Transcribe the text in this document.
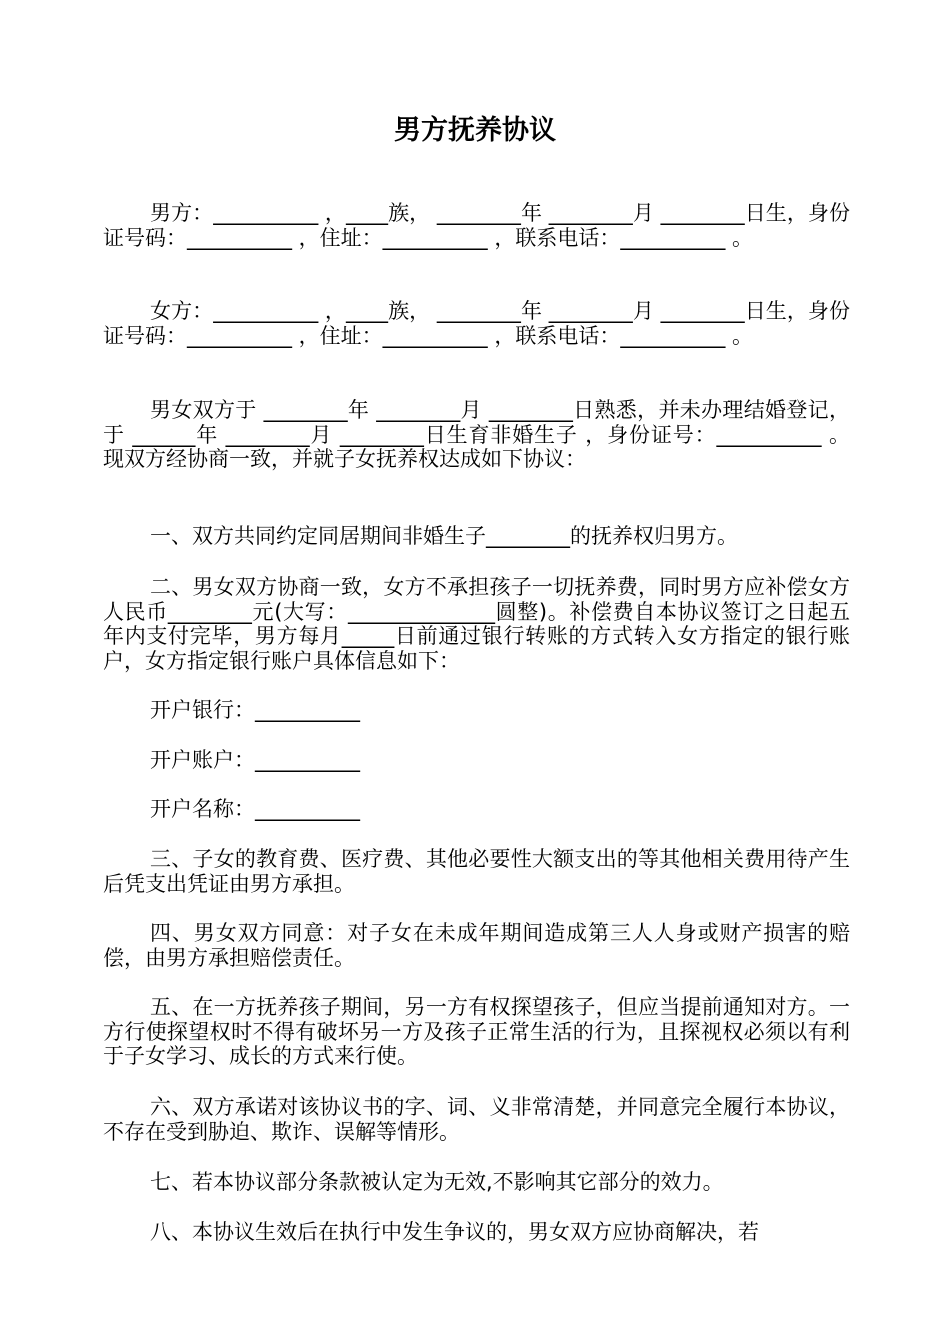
男方抚养协议
男方：__________ ，____族， ________年 ________月 ________日生，身份证号码：__________ ，住址：__________ ，联系电话：__________ 。
女方：__________ ，____族， ________年 ________月 ________日生，身份证号码：__________ ，住址：__________ ，联系电话：__________ 。
男女双方于 ________年 ________月 ________日熟悉，并未办理结婚登记，于 ______年 ________月 ________日生育非婚生子 ，身份证号：__________ 。现双方经协商一致，并就子女抚养权达成如下协议：
一、双方共同约定同居期间非婚生子________的抚养权归男方。
二、男女双方协商一致，女方不承担孩子一切抚养费，同时男方应补偿女方人民币________元(大写：______________圆整)。补偿费自本协议签订之日起五年内支付完毕，男方每月_____日前通过银行转账的方式转入女方指定的银行账户，女方指定银行账户具体信息如下：
开户银行：__________
开户账户：__________
开户名称：__________
三、子女的教育费、医疗费、其他必要性大额支出的等其他相关费用待产生后凭支出凭证由男方承担。
四、男女双方同意：对子女在未成年期间造成第三人人身或财产损害的赔偿，由男方承担赔偿责任。
五、在一方抚养孩子期间，另一方有权探望孩子，但应当提前通知对方。一方行使探望权时不得有破坏另一方及孩子正常生活的行为，且探视权必须以有利于子女学习、成长的方式来行使。
六、双方承诺对该协议书的字、词、义非常清楚，并同意完全履行本协议，不存在受到胁迫、欺诈、误解等情形。
七、若本协议部分条款被认定为无效,不影响其它部分的效力。
八、本协议生效后在执行中发生争议的，男女双方应协商解决，若
